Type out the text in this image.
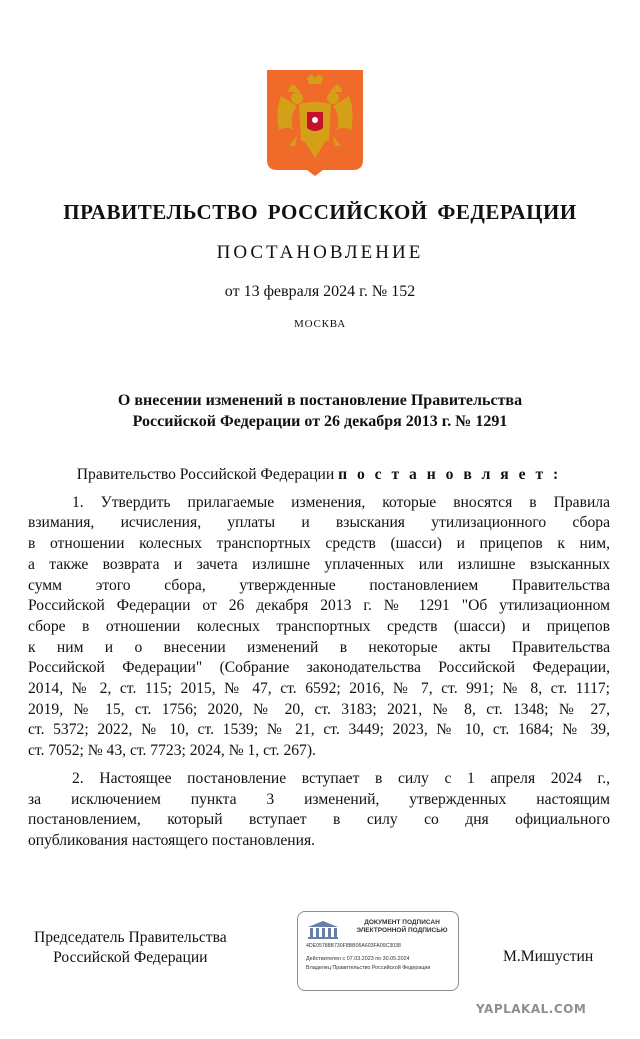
ПРАВИТЕЛЬСТВО РОССИЙСКОЙ ФЕДЕРАЦИИ
ПОСТАНОВЛЕНИЕ
от 13 февраля 2024 г. № 152
МОСКВА
О внесении изменений в постановление Правительства
Российской Федерации от 26 декабря 2013 г. № 1291
Правительство Российской Федерации п о с т а н о в л я е т :
1. Утвердить прилагаемые изменения, которые вносятся в Правила
взимания, исчисления, уплаты и взыскания утилизационного сбора
в отношении колесных транспортных средств (шасси) и прицепов к ним,
а также возврата и зачета излишне уплаченных или излишне взысканных
сумм этого сбора, утвержденные постановлением Правительства
Российской Федерации от 26 декабря 2013 г. № 1291 "Об утилизационном
сборе в отношении колесных транспортных средств (шасси) и прицепов
к ним и о внесении изменений в некоторые акты Правительства
Российской Федерации" (Собрание законодательства Российской Федерации,
2014, № 2, ст. 115; 2015, № 47, ст. 6592; 2016, № 7, ст. 991; № 8, ст. 1117;
2019, № 15, ст. 1756; 2020, № 20, ст. 3183; 2021, № 8, ст. 1348; № 27,
ст. 5372; 2022, № 10, ст. 1539; № 21, ст. 3449; 2023, № 10, ст. 1684; № 39,
ст. 7052; № 43, ст. 7723; 2024, № 1, ст. 267).
2. Настоящее постановление вступает в силу с 1 апреля 2024 г.,
за исключением пункта 3 изменений, утвержденных настоящим
постановлением, который вступает в силу со дня официального
опубликования настоящего постановления.
Председатель Правительства
Российской Федерации
ДОКУМЕНТ ПОДПИСАН
ЭЛЕКТРОННОЙ ПОДПИСЬЮ
4DE05788B730F8BB06A603FA09C3038
Действителен с 07.03.2023 по 30.05.2024
Владелец Правительство Российской Федерации
М.Мишустин
YAPLAKAL.COM
